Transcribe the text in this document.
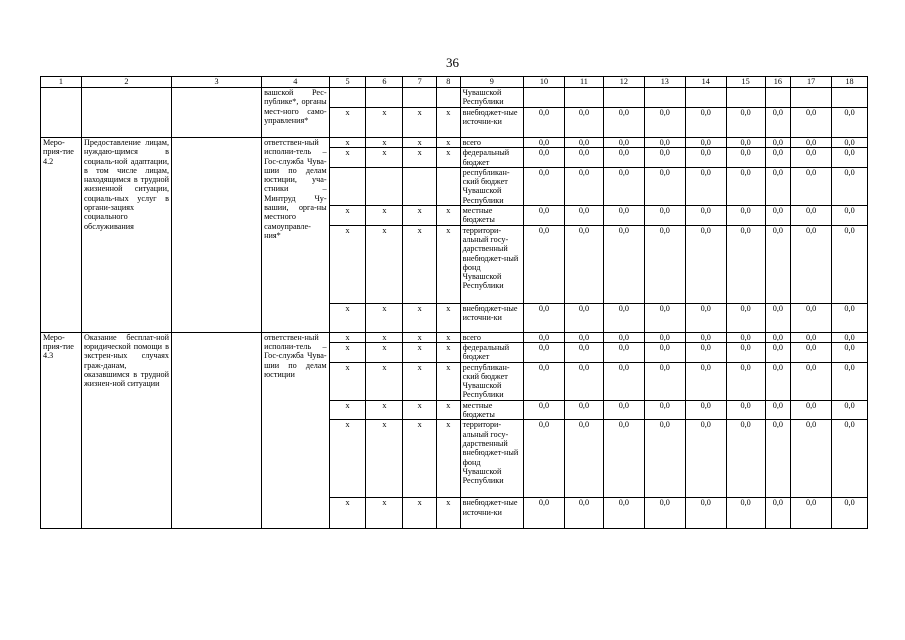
36
1	2	3	4	5	6	7	8	9	10	11	12	13	14	15	16	17	18
			вашской Рес-публике*, органы мест-ного само-управления*					Чувашской Республики									
				x	x	x	x	внебюджет-ные источни-ки	0,0	0,0	0,0	0,0	0,0	0,0	0,0	0,0	0,0
Меро-прия-тие 4.2	Предоставление лицам, нуждаю-щимся в социаль-ной адаптации, в том числе лицам, находящимся в трудной жизненной ситуации, социаль-ных услуг в органи-зациях социального обслуживания		ответствен-ный исполни-тель – Гос-служба Чува-шии по делам юстиции, уча-стники – Минтруд Чу-вашии, орга-ны местного самоуправле-ния*	x	x	x	x	всего	0,0	0,0	0,0	0,0	0,0	0,0	0,0	0,0	0,0
				x	x	x	x	федеральный бюджет	0,0	0,0	0,0	0,0	0,0	0,0	0,0	0,0	0,0
								республикан-ский бюджет Чувашской Республики	0,0	0,0	0,0	0,0	0,0	0,0	0,0	0,0	0,0
				x	x	x	x	местные бюджеты	0,0	0,0	0,0	0,0	0,0	0,0	0,0	0,0	0,0
				x	x	x	x	территори-альный госу-дарственный внебюджет-ный фонд Чувашской Республики	0,0	0,0	0,0	0,0	0,0	0,0	0,0	0,0	0,0
				x	x	x	x	внебюджет-ные источни-ки	0,0	0,0	0,0	0,0	0,0	0,0	0,0	0,0	0,0
Меро-прия-тие 4.3	Оказание бесплат-ной юридической помощи в экстрен-ных случаях граж-данам, оказавшимся в трудной жизнен-ной ситуации		ответствен-ный исполни-тель – Гос-служба Чува-шии по делам юстиции	x	x	x	x	всего	0,0	0,0	0,0	0,0	0,0	0,0	0,0	0,0	0,0
				x	x	x	x	федеральный бюджет	0,0	0,0	0,0	0,0	0,0	0,0	0,0	0,0	0,0
				x	x	x	x	республикан-ский бюджет Чувашской Республики	0,0	0,0	0,0	0,0	0,0	0,0	0,0	0,0	0,0
				x	x	x	x	местные бюджеты	0,0	0,0	0,0	0,0	0,0	0,0	0,0	0,0	0,0
				x	x	x	x	территори-альный госу-дарственный внебюджет-ный фонд Чувашской Республики	0,0	0,0	0,0	0,0	0,0	0,0	0,0	0,0	0,0
				x	x	x	x	внебюджет-ные источни-ки	0,0	0,0	0,0	0,0	0,0	0,0	0,0	0,0	0,0
